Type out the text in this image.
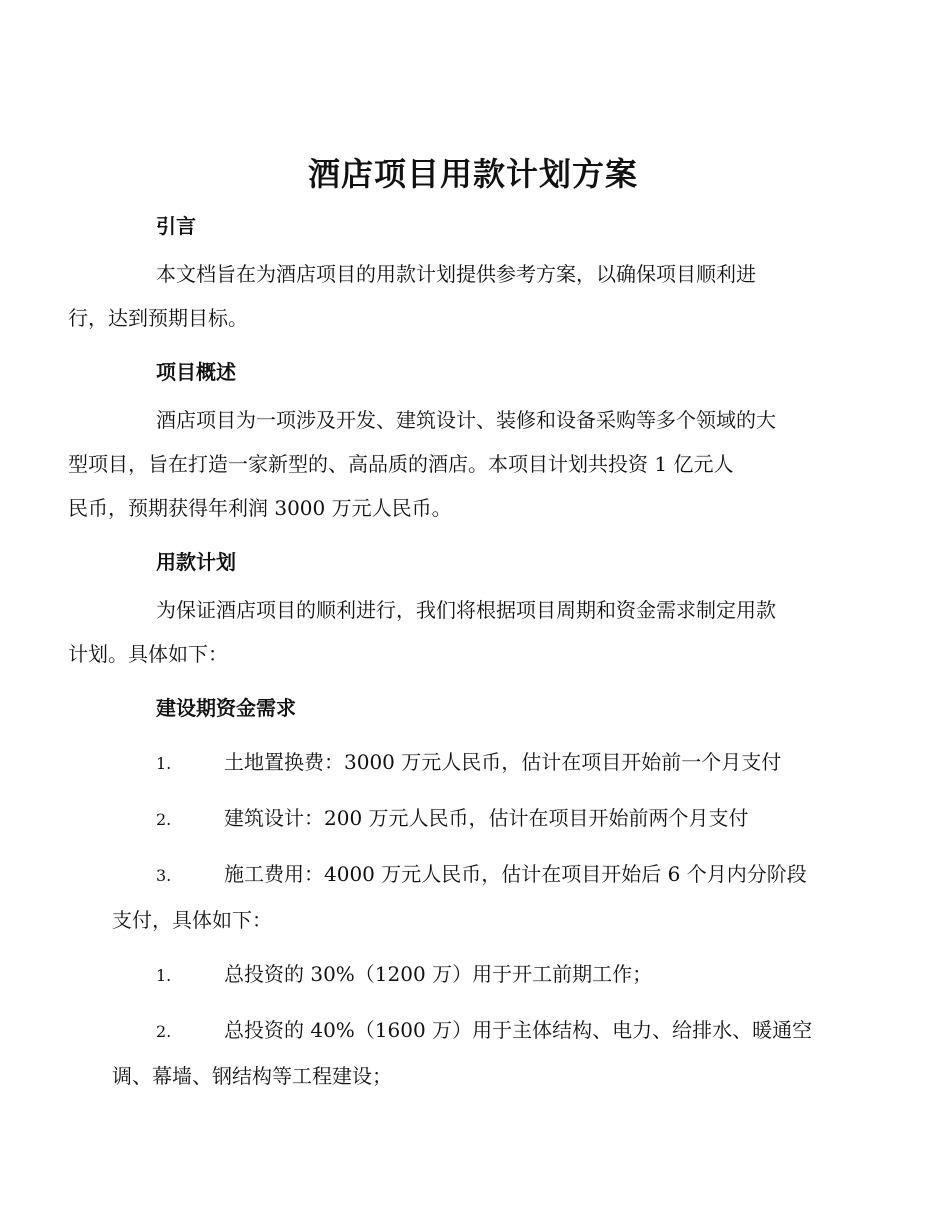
酒店项目用款计划方案
引言

本文档旨在为酒店项目的用款计划提供参考方案，以确保项目顺利进
行，达到预期目标。

项目概述

酒店项目为一项涉及开发、建筑设计、装修和设备采购等多个领域的大
型项目，旨在打造一家新型的、高品质的酒店。本项目计划共投资 1 亿元人
民币，预期获得年利润 3000 万元人民币。

用款计划

为保证酒店项目的顺利进行，我们将根据项目周期和资金需求制定用款
计划。具体如下：

建设期资金需求
1.	土地置换费：3000 万元人民币，估计在项目开始前一个月支付
2.	建筑设计：200 万元人民币，估计在项目开始前两个月支付
3.	施工费用：4000 万元人民币，估计在项目开始后 6 个月内分阶段
支付，具体如下：
1.	总投资的 30%（1200 万）用于开工前期工作；
2.	总投资的 40%（1600 万）用于主体结构、电力、给排水、暖通空
调、幕墙、钢结构等工程建设；
